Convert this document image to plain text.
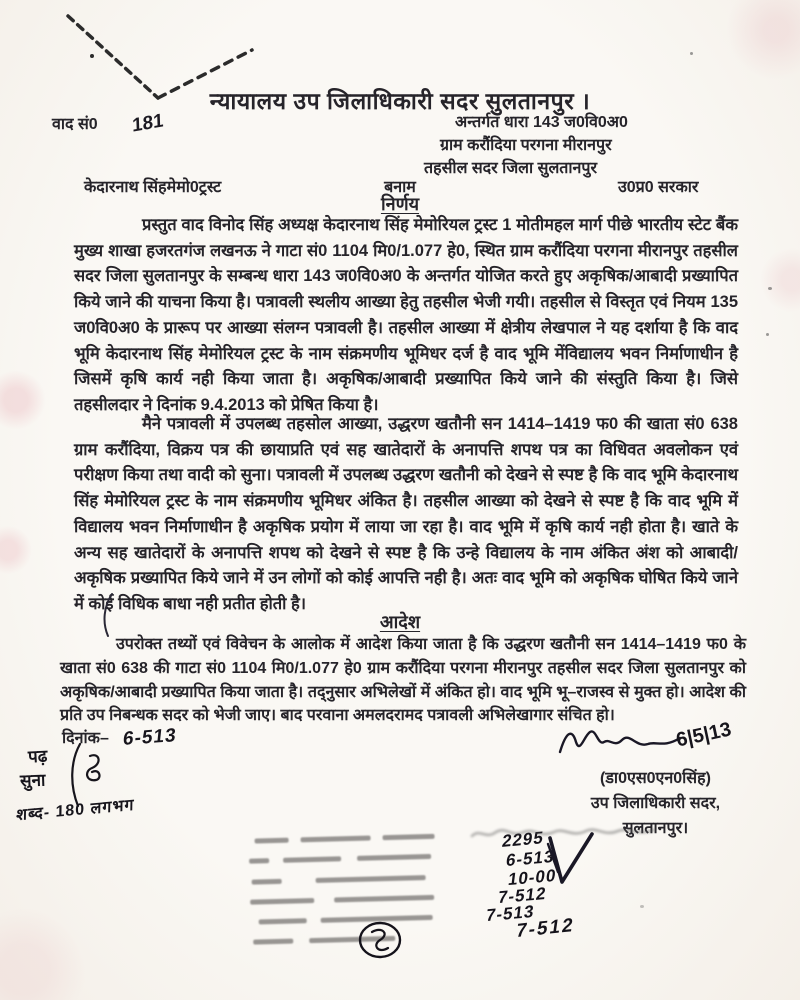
न्यायालय उप जिलाधिकारी सदर सुलतानपुर ।
वाद सं0 181	अन्तर्गत धारा 143 ज0वि0अ0
ग्राम करौंदिया परगना मीरानपुर
तहसील सदर जिला सुलतानपुर
केदारनाथ सिंहमेमो0ट्रस्ट	बनाम	उ0प्र0 सरकार
निर्णय

प्रस्तुत वाद विनोद सिंह अध्यक्ष केदारनाथ सिंह मेमोरियल ट्रस्ट 1 मोतीमहल मार्ग पीछे भारतीय स्टेट बैंक मुख्य शाखा हजरतगंज लखनऊ ने गाटा सं0 1104 मि0/1.077 हे0, स्थित ग्राम करौंदिया परगना मीरानपुर तहसील सदर जिला सुलतानपुर के सम्बन्ध धारा 143 ज0वि0अ0 के अन्तर्गत योजित करते हुए अकृषिक/आबादी प्रख्यापित किये जाने की याचना किया है। पत्रावली स्थलीय आख्या हेतु तहसील भेजी गयी। तहसील से विस्तृत एवं नियम 135 ज0वि0अ0 के प्रारूप पर आख्या संलग्न पत्रावली है। तहसील आख्या में क्षेत्रीय लेखपाल ने यह दर्शाया है कि वाद भूमि केदारनाथ सिंह मेमोरियल ट्रस्ट के नाम संक्रमणीय भूमिधर दर्ज है वाद भूमि मेंविद्यालय भवन निर्माणाधीन है जिसमें कृषि कार्य नही किया जाता है। अकृषिक/आबादी प्रख्यापित किये जाने की संस्तुति किया है। जिसे तहसीलदार ने दिनांक 9.4.2013 को प्रेषित किया है।

मैने पत्रावली में उपलब्ध तहसोल आख्या, उद्धरण खतौनी सन 1414–1419 फ0 की खाता सं0 638 ग्राम करौंदिया, विक्रय पत्र की छायाप्रति एवं सह खातेदारों के अनापत्ति शपथ पत्र का विधिवत अवलोकन एवं परीक्षण किया तथा वादी को सुना। पत्रावली में उपलब्ध उद्धरण खतौनी को देखने से स्पष्ट है कि वाद भूमि केदारनाथ सिंह मेमोरियल ट्रस्ट के नाम संक्रमणीय भूमिधर अंकित है। तहसील आख्या को देखने से स्पष्ट है कि वाद भूमि में विद्यालय भवन निर्माणाधीन है अकृषिक प्रयोग में लाया जा रहा है। वाद भूमि में कृषि कार्य नही होता है। खाते के अन्य सह खातेदारों के अनापत्ति शपथ को देखने से स्पष्ट है कि उन्हे विद्यालय के नाम अंकित अंश को आबादी/अकृषिक प्रख्यापित किये जाने में उन लोगों को कोई आपत्ति नही है। अतः वाद भूमि को अकृषिक घोषित किये जाने में कोई विधिक बाधा नही प्रतीत होती है।

आदेश

उपरोक्त तथ्यों एवं विवेचन के आलोक में आदेश किया जाता है कि उद्धरण खतौनी सन 1414–1419 फ0 के खाता सं0 638 की गाटा सं0 1104 मि0/1.077 हे0 ग्राम करौंदिया परगना मीरानपुर तहसील सदर जिला सुलतानपुर को अकृषिक/आबादी प्रख्यापित किया जाता है। तद्नुसार अभिलेखों में अंकित हो। वाद भूमि भू–राजस्व से मुक्त हो। आदेश की प्रति उप निबन्धक सदर को भेजी जाए। बाद परवाना अमलदरामद पत्रावली अभिलेखागार संचित हो।

दिनांक– 6-513	6|5|13
(डा0एस0एन0सिंह)
उप जिलाधिकारी सदर,
सुलतानपुर।
पढ़
सुना
शब्द- 180 लगभग
2295
6-513
10-00
7-512
7-513
7-512
